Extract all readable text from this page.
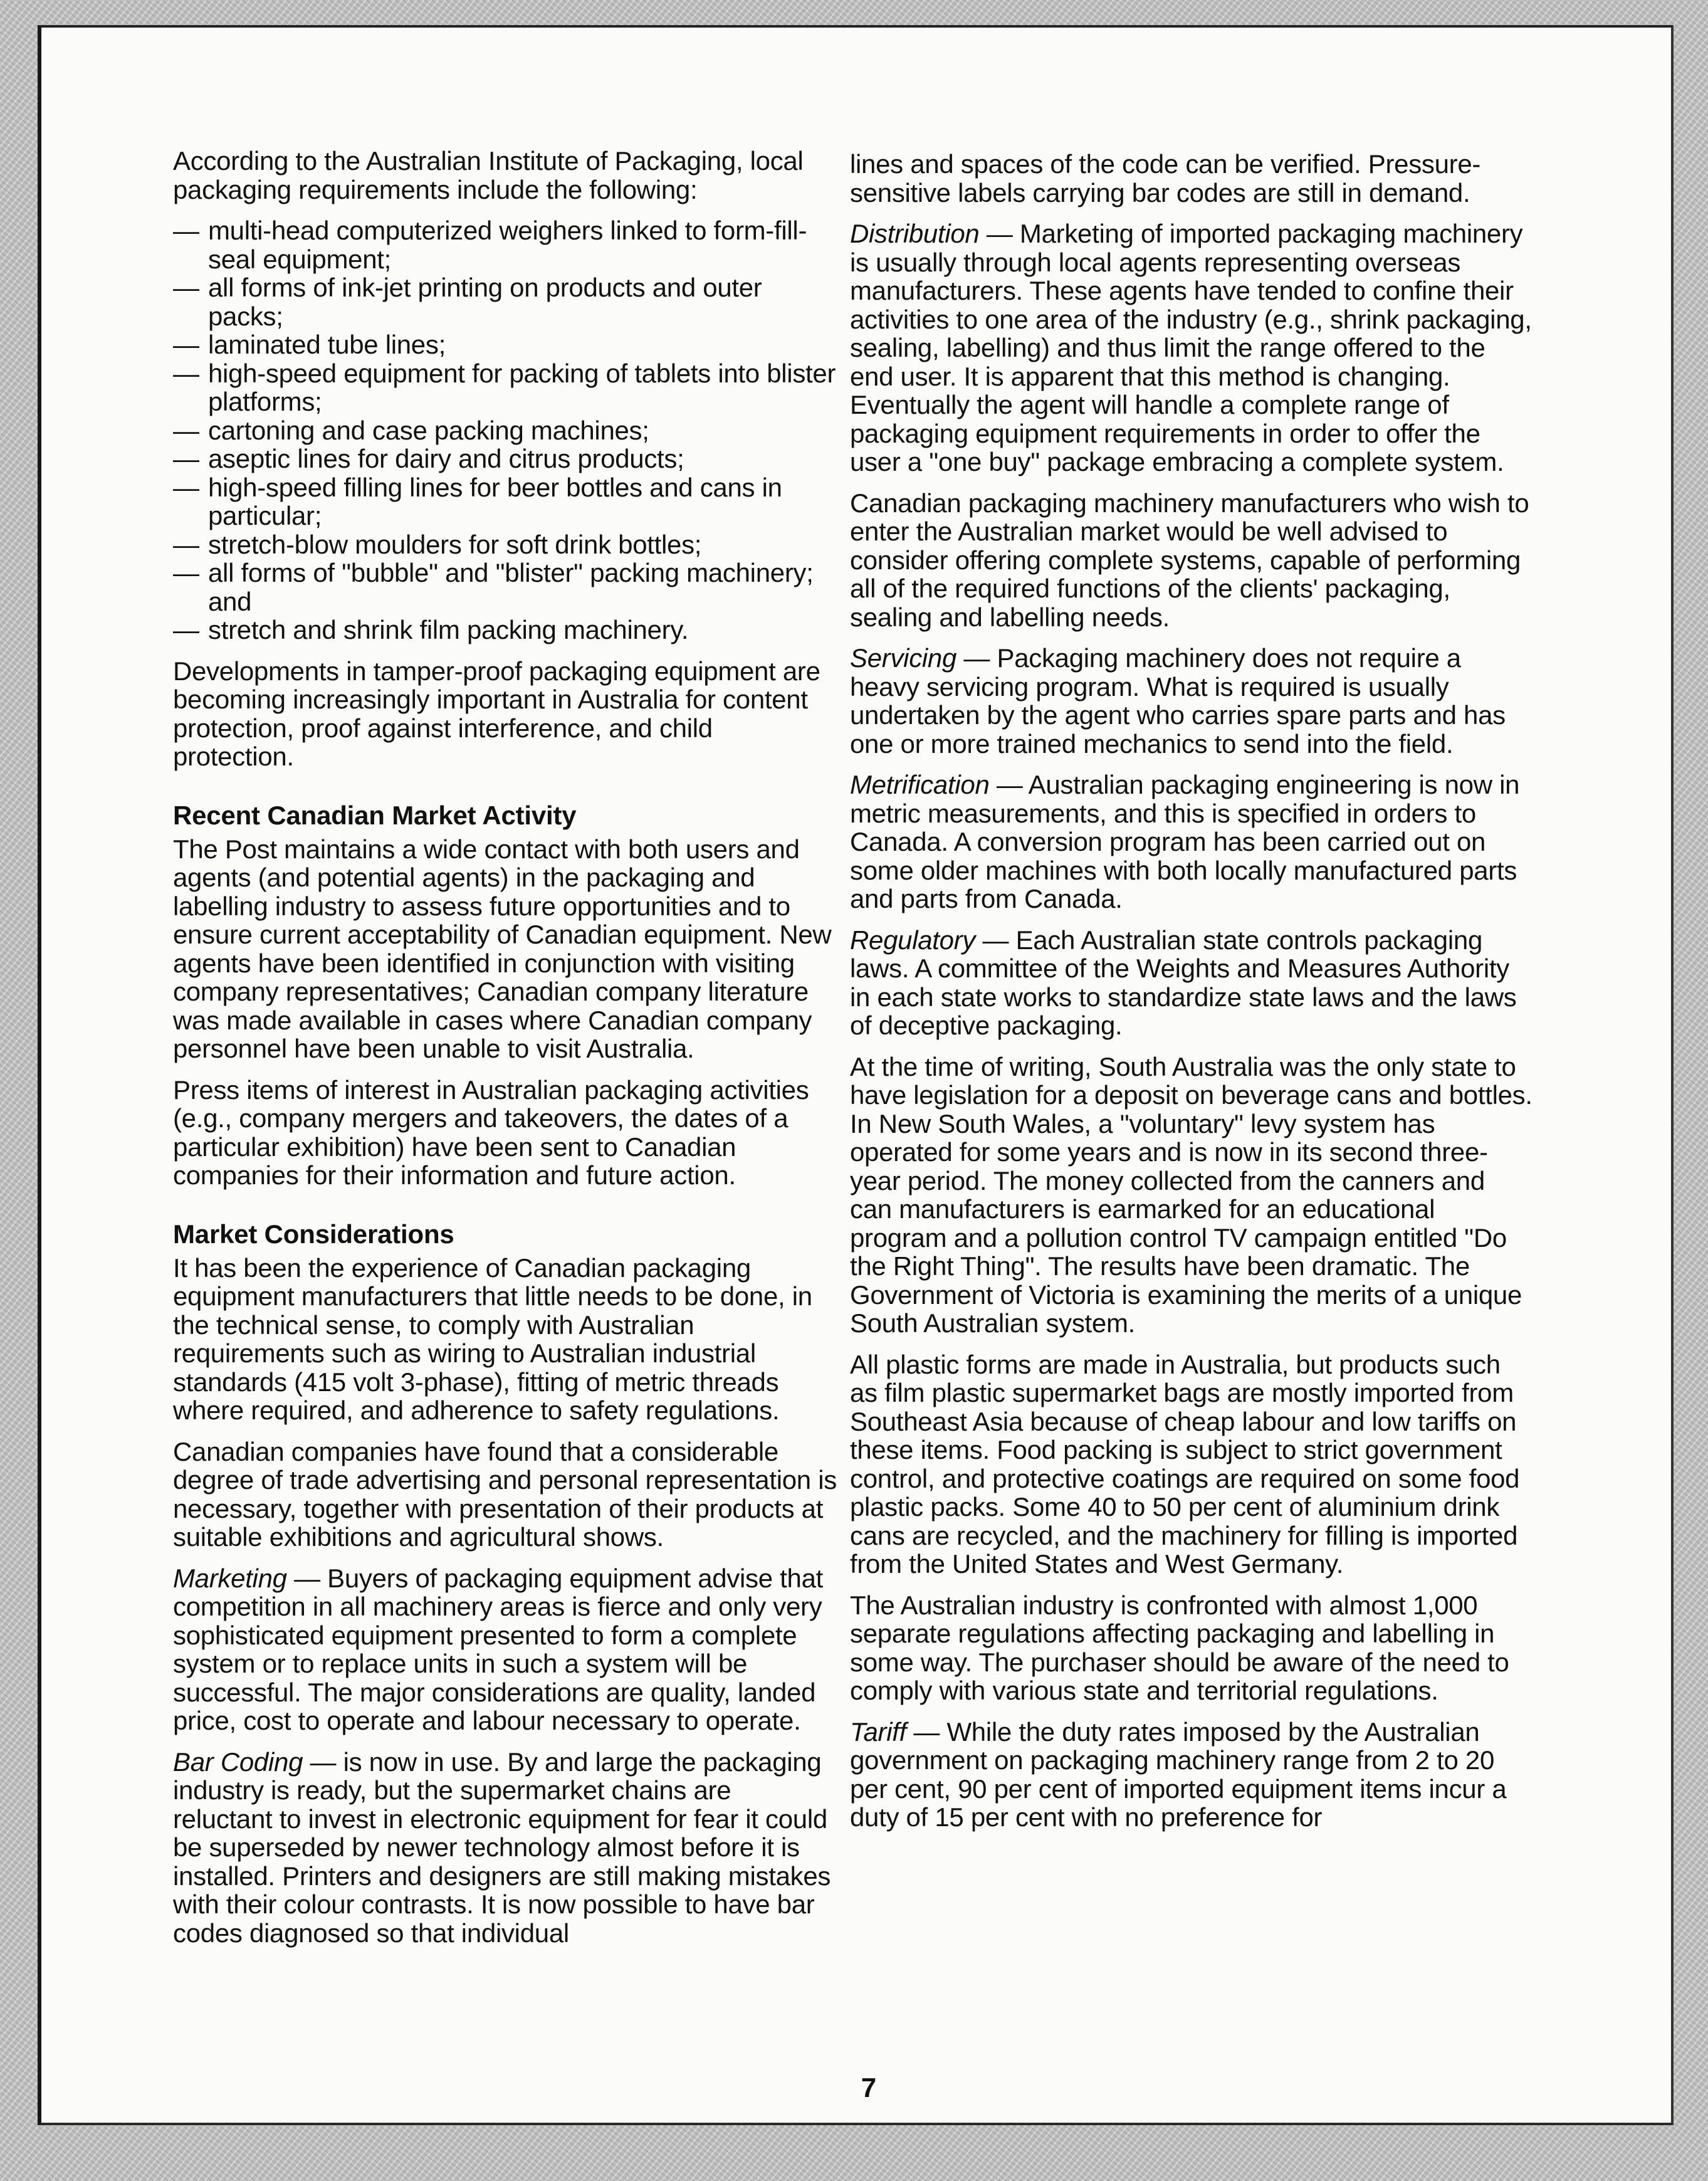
According to the Australian Institute of Packaging, local packaging requirements include the following:

— multi-head computerized weighers linked to form-fill-seal equipment;
— all forms of ink-jet printing on products and outer packs;
— laminated tube lines;
— high-speed equipment for packing of tablets into blister platforms;
— cartoning and case packing machines;
— aseptic lines for dairy and citrus products;
— high-speed filling lines for beer bottles and cans in particular;
— stretch-blow moulders for soft drink bottles;
— all forms of "bubble" and "blister" packing machinery; and
— stretch and shrink film packing machinery.

Developments in tamper-proof packaging equipment are becoming increasingly important in Australia for content protection, proof against interference, and child protection.

Recent Canadian Market Activity

The Post maintains a wide contact with both users and agents (and potential agents) in the packaging and labelling industry to assess future opportunities and to ensure current acceptability of Canadian equipment. New agents have been identified in conjunction with visiting company representatives; Canadian company literature was made available in cases where Canadian company personnel have been unable to visit Australia.

Press items of interest in Australian packaging activities (e.g., company mergers and takeovers, the dates of a particular exhibition) have been sent to Canadian companies for their information and future action.

Market Considerations

It has been the experience of Canadian packaging equipment manufacturers that little needs to be done, in the technical sense, to comply with Australian requirements such as wiring to Australian industrial standards (415 volt 3-phase), fitting of metric threads where required, and adherence to safety regulations.

Canadian companies have found that a considerable degree of trade advertising and personal representation is necessary, together with presentation of their products at suitable exhibitions and agricultural shows.

Marketing — Buyers of packaging equipment advise that competition in all machinery areas is fierce and only very sophisticated equipment presented to form a complete system or to replace units in such a system will be successful. The major considerations are quality, landed price, cost to operate and labour necessary to operate.

Bar Coding — is now in use. By and large the packaging industry is ready, but the supermarket chains are reluctant to invest in electronic equipment for fear it could be superseded by newer technology almost before it is installed. Printers and designers are still making mistakes with their colour contrasts. It is now possible to have bar codes diagnosed so that individual

lines and spaces of the code can be verified. Pressure-sensitive labels carrying bar codes are still in demand.

Distribution — Marketing of imported packaging machinery is usually through local agents representing overseas manufacturers. These agents have tended to confine their activities to one area of the industry (e.g., shrink packaging, sealing, labelling) and thus limit the range offered to the end user. It is apparent that this method is changing. Eventually the agent will handle a complete range of packaging equipment requirements in order to offer the user a "one buy" package embracing a complete system.

Canadian packaging machinery manufacturers who wish to enter the Australian market would be well advised to consider offering complete systems, capable of performing all of the required functions of the clients' packaging, sealing and labelling needs.

Servicing — Packaging machinery does not require a heavy servicing program. What is required is usually undertaken by the agent who carries spare parts and has one or more trained mechanics to send into the field.

Metrification — Australian packaging engineering is now in metric measurements, and this is specified in orders to Canada. A conversion program has been carried out on some older machines with both locally manufactured parts and parts from Canada.

Regulatory — Each Australian state controls packaging laws. A committee of the Weights and Measures Authority in each state works to standardize state laws and the laws of deceptive packaging.

At the time of writing, South Australia was the only state to have legislation for a deposit on beverage cans and bottles. In New South Wales, a "voluntary" levy system has operated for some years and is now in its second three-year period. The money collected from the canners and can manufacturers is earmarked for an educational program and a pollution control TV campaign entitled "Do the Right Thing". The results have been dramatic. The Government of Victoria is examining the merits of a unique South Australian system.

All plastic forms are made in Australia, but products such as film plastic supermarket bags are mostly imported from Southeast Asia because of cheap labour and low tariffs on these items. Food packing is subject to strict government control, and protective coatings are required on some food plastic packs. Some 40 to 50 per cent of aluminium drink cans are recycled, and the machinery for filling is imported from the United States and West Germany.

The Australian industry is confronted with almost 1,000 separate regulations affecting packaging and labelling in some way. The purchaser should be aware of the need to comply with various state and territorial regulations.

Tariff — While the duty rates imposed by the Australian government on packaging machinery range from 2 to 20 per cent, 90 per cent of imported equipment items incur a duty of 15 per cent with no preference for

7
